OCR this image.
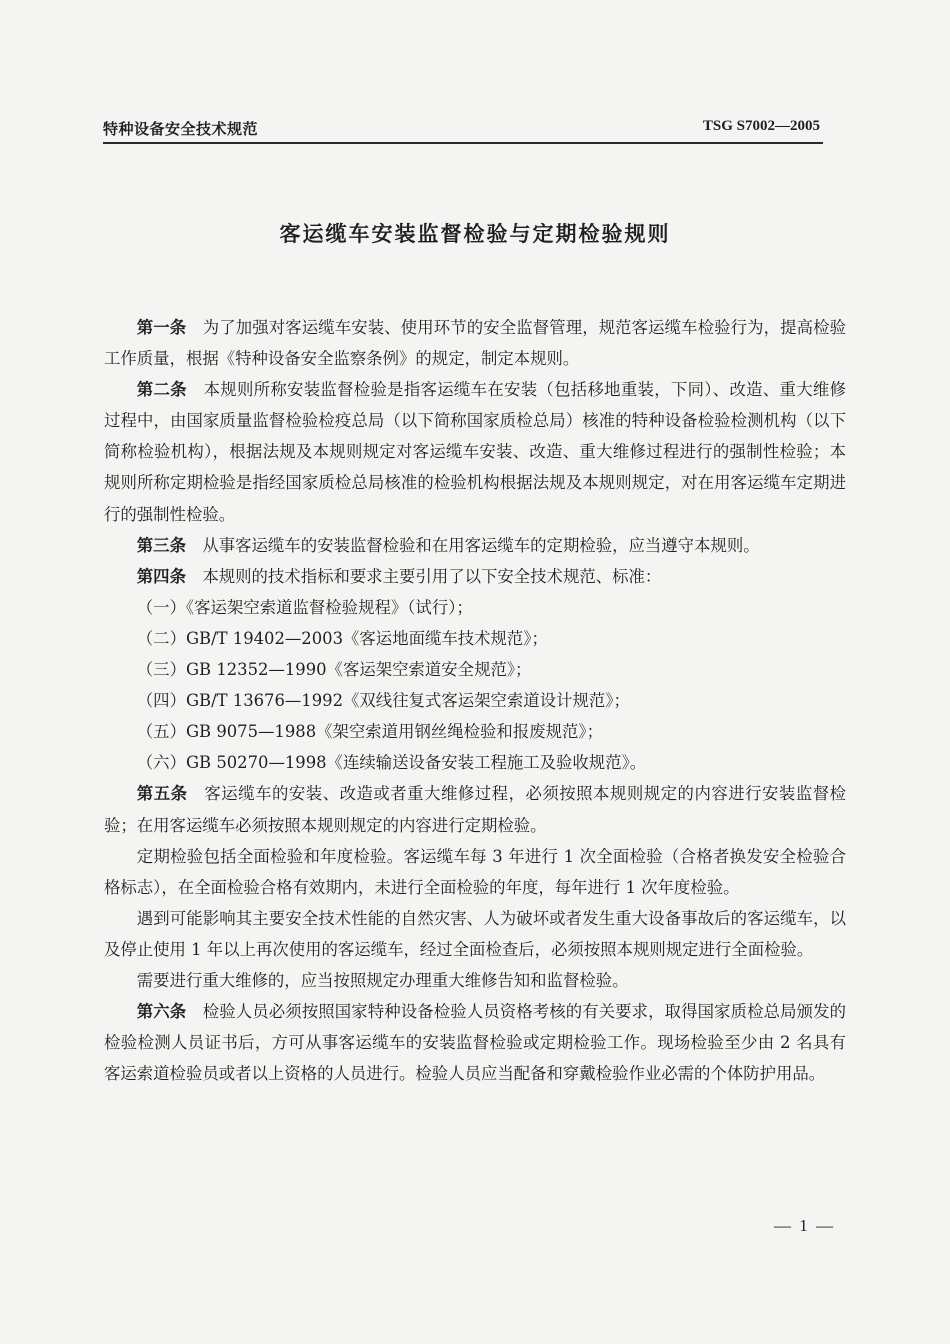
特种设备安全技术规范	TSG S7002—2005
客运缆车安装监督检验与定期检验规则

第一条　 为了加强对客运缆车安装、使用环节的安全监督管理，规范客运缆车检验行为，提高检验工作质量，根据《特种设备安全监察条例》的规定，制定本规则。

第二条　 本规则所称安装监督检验是指客运缆车在安装（包括移地重装，下同）、改造、重大维修过程中，由国家质量监督检验检疫总局（以下简称国家质检总局）核准的特种设备检验检测机构（以下简称检验机构），根据法规及本规则规定对客运缆车安装、改造、重大维修过程进行的强制性检验；本规则所称定期检验是指经国家质检总局核准的检验机构根据法规及本规则规定，对在用客运缆车定期进行的强制性检验。

第三条　 从事客运缆车的安装监督检验和在用客运缆车的定期检验，应当遵守本规则。

第四条　 本规则的技术指标和要求主要引用了以下安全技术规范、标准：

（一）《客运架空索道监督检验规程》（试行）；

（二）GB/T 19402—2003《客运地面缆车技术规范》；

（三）GB 12352—1990《客运架空索道安全规范》；

（四）GB/T 13676—1992《双线往复式客运架空索道设计规范》；

（五）GB 9075—1988《架空索道用钢丝绳检验和报废规范》；

（六）GB 50270—1998《连续输送设备安装工程施工及验收规范》。

第五条　 客运缆车的安装、改造或者重大维修过程，必须按照本规则规定的内容进行安装监督检验；在用客运缆车必须按照本规则规定的内容进行定期检验。

定期检验包括全面检验和年度检验。客运缆车每 3 年进行 1 次全面检验（合格者换发安全检验合格标志），在全面检验合格有效期内，未进行全面检验的年度，每年进行 1 次年度检验。

遇到可能影响其主要安全技术性能的自然灾害、人为破坏或者发生重大设备事故后的客运缆车，以及停止使用 1 年以上再次使用的客运缆车，经过全面检查后，必须按照本规则规定进行全面检验。

需要进行重大维修的，应当按照规定办理重大维修告知和监督检验。

第六条　 检验人员必须按照国家特种设备检验人员资格考核的有关要求，取得国家质检总局颁发的检验检测人员证书后，方可从事客运缆车的安装监督检验或定期检验工作。现场检验至少由 2 名具有客运索道检验员或者以上资格的人员进行。检验人员应当配备和穿戴检验作业必需的个体防护用品。

— 1 —
